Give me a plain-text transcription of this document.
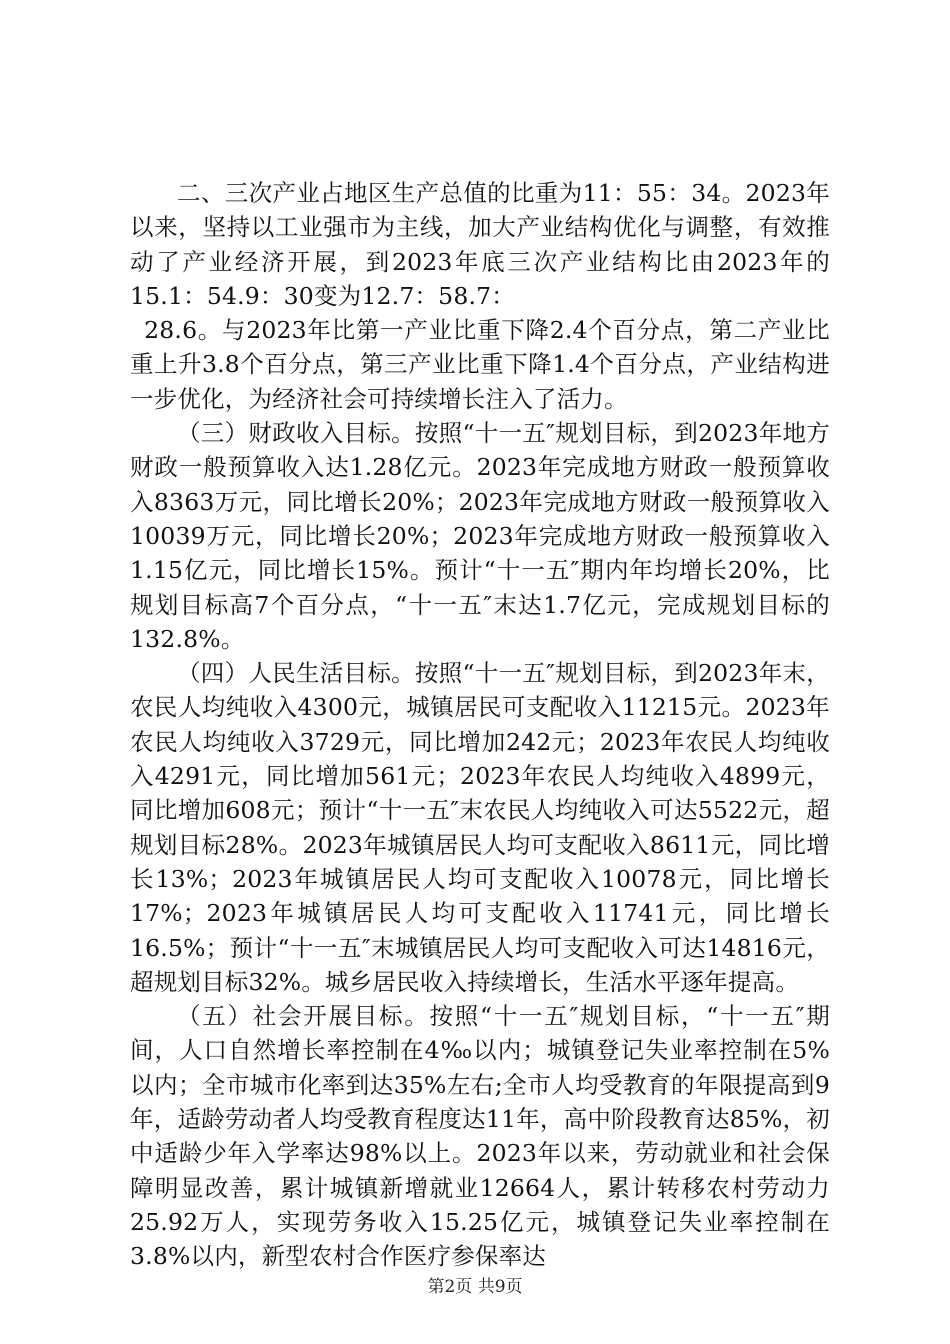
二、三次产业占地区生产总值的比重为11：55：34。2023年以来，坚持以工业强市为主线，加大产业结构优化与调整，有效推动了产业经济开展，到2023年底三次产业结构比由2023年的15.1：54.9：30变为12.7：58.7：

28.6。与2023年比第一产业比重下降2.4个百分点，第二产业比重上升3.8个百分点，第三产业比重下降1.4个百分点，产业结构进一步优化，为经济社会可持续增长注入了活力。

（三）财政收入目标。按照“十一五″规划目标，到2023年地方财政一般预算收入达1.28亿元。2023年完成地方财政一般预算收入8363万元，同比增长20%；2023年完成地方财政一般预算收入10039万元，同比增长20%；2023年完成地方财政一般预算收入1.15亿元，同比增长15%。预计“十一五″期内年均增长20%，比规划目标高7个百分点，“十一五″末达1.7亿元，完成规划目标的132.8%。

（四）人民生活目标。按照“十一五″规划目标，到2023年末，农民人均纯收入4300元，城镇居民可支配收入11215元。2023年农民人均纯收入3729元，同比增加242元；2023年农民人均纯收入4291元，同比增加561元；2023年农民人均纯收入4899元，同比增加608元；预计“十一五″末农民人均纯收入可达5522元，超规划目标28%。2023年城镇居民人均可支配收入8611元，同比增长13%；2023年城镇居民人均可支配收入10078元，同比增长17%；2023年城镇居民人均可支配收入11741元，同比增长16.5%；预计“十一五″末城镇居民人均可支配收入可达14816元，超规划目标32%。城乡居民收入持续增长，生活水平逐年提高。

（五）社会开展目标。按照“十一五″规划目标，“十一五″期间，人口自然增长率控制在4‰以内；城镇登记失业率控制在5%以内；全市城市化率到达35%左右;全市人均受教育的年限提高到9年，适龄劳动者人均受教育程度达11年，高中阶段教育达85%，初中适龄少年入学率达98%以上。2023年以来，劳动就业和社会保障明显改善，累计城镇新增就业12664人，累计转移农村劳动力25.92万人，实现劳务收入15.25亿元，城镇登记失业率控制在3.8%以内，新型农村合作医疗参保率达

第2页 共9页
